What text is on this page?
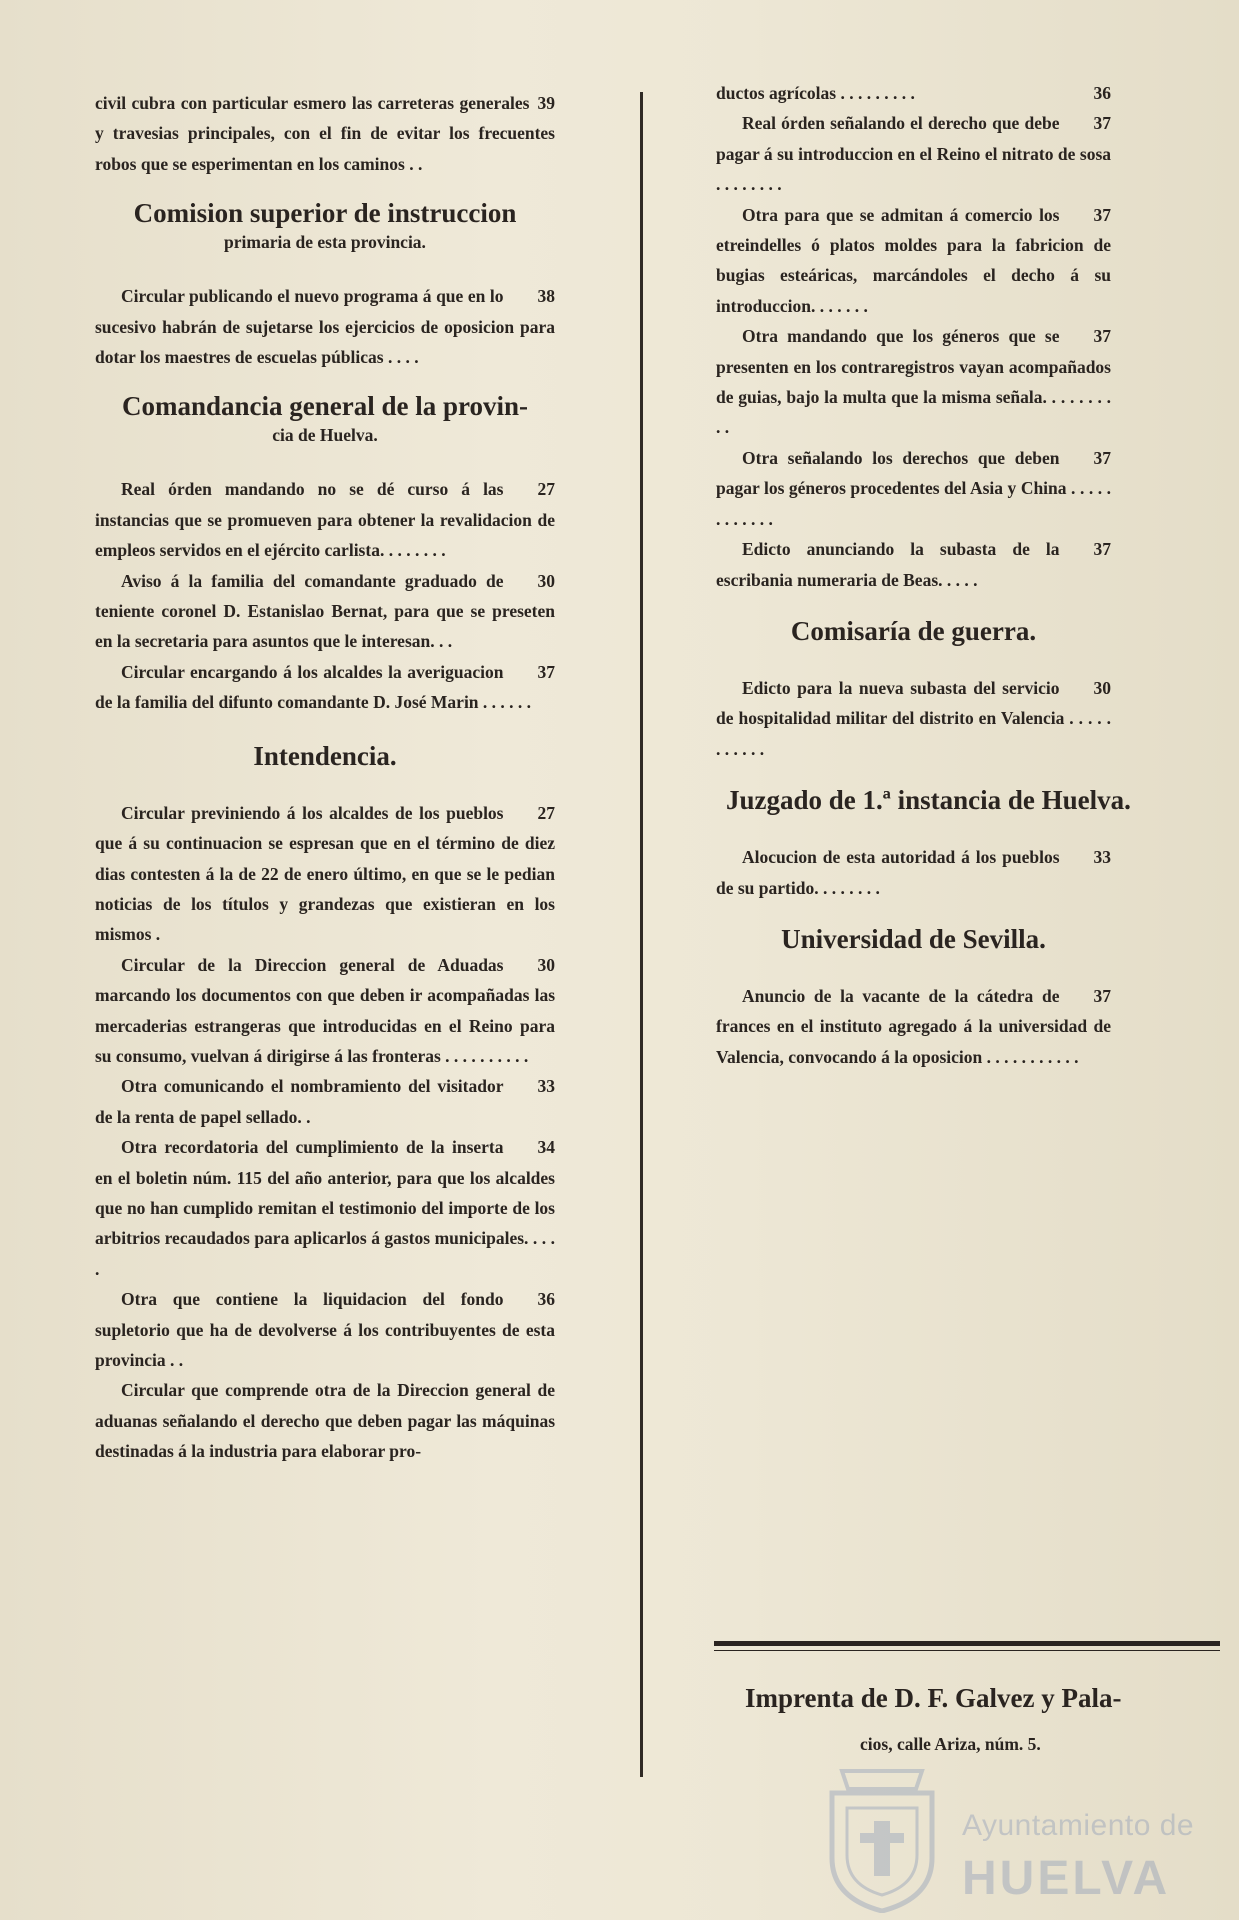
39
civil cubra con particular esmero las carreteras generales y travesias principales, con el fin de evitar los frecuentes robos que se esperimentan en los caminos . .

Comision superior de instruccion
primaria de esta provincia.

38
Circular publicando el nuevo programa á que en lo sucesivo habrán de sujetarse los ejercicios de oposicion para dotar los maestres de escuelas públicas . . . .

Comandancia general de la provin-
cia de Huelva.

27
Real órden mandando no se dé curso á las instancias que se promueven para obtener la revalidacion de empleos servidos en el ejército carlista. . . . . . . .

30
Aviso á la familia del comandante graduado de teniente coronel D. Estanislao Bernat, para que se preseten en la secretaria para asuntos que le interesan. . .

37
Circular encargando á los alcaldes la averiguacion de la familia del difunto comandante D. José Marin . . . . . .

Intendencia.

27
Circular previniendo á los alcaldes de los pueblos que á su continuacion se espresan que en el término de diez dias contesten á la de 22 de enero último, en que se le pedian noticias de los títulos y grandezas que existieran en los mismos .

30
Circular de la Direccion general de Aduadas marcando los documentos con que deben ir acompañadas las mercaderias estrangeras que introducidas en el Reino para su consumo, vuelvan á dirigirse á las fronteras . . . . . . . . . .

33
Otra comunicando el nombramiento del visitador de la renta de papel sellado. .

34
Otra recordatoria del cumplimiento de la inserta en el boletin núm. 115 del año anterior, para que los alcaldes que no han cumplido remitan el testimonio del importe de los arbitrios recaudados para aplicarlos á gastos municipales. . . . .

36
Otra que contiene la liquidacion del fondo supletorio que ha de devolverse á los contribuyentes de esta provincia . .

Circular que comprende otra de la Direccion general de aduanas señalando el derecho que deben pagar las máquinas destinadas á la industria para elaborar pro-

36
ductos agrícolas . . . . . . . . .

37
Real órden señalando el derecho que debe pagar á su introduccion en el Reino el nitrato de sosa . . . . . . . .

37
Otra para que se admitan á comercio los etreindelles ó platos moldes para la fabricion de bugias esteáricas, marcándoles el decho á su introduccion. . . . . . .

37
Otra mandando que los géneros que se presenten en los contraregistros vayan acompañados de guias, bajo la multa que la misma señala. . . . . . . . . .

37
Otra señalando los derechos que deben pagar los géneros procedentes del Asia y China . . . . . . . . . . . .

37
Edicto anunciando la subasta de la escribania numeraria de Beas. . . . .

Comisaría de guerra.

30
Edicto para la nueva subasta del servicio de hospitalidad militar del distrito en Valencia . . . . . . . . . . .

Juzgado de 1.ª instancia de Huelva.

33
Alocucion de esta autoridad á los pueblos de su partido. . . . . . . .

Universidad de Sevilla.

37
Anuncio de la vacante de la cátedra de frances en el instituto agregado á la universidad de Valencia, convocando á la oposicion . . . . . . . . . . .

Imprenta de D. F. Galvez y Pala-
cios, calle Ariza, núm. 5.
Ayuntamiento de
HUELVA
